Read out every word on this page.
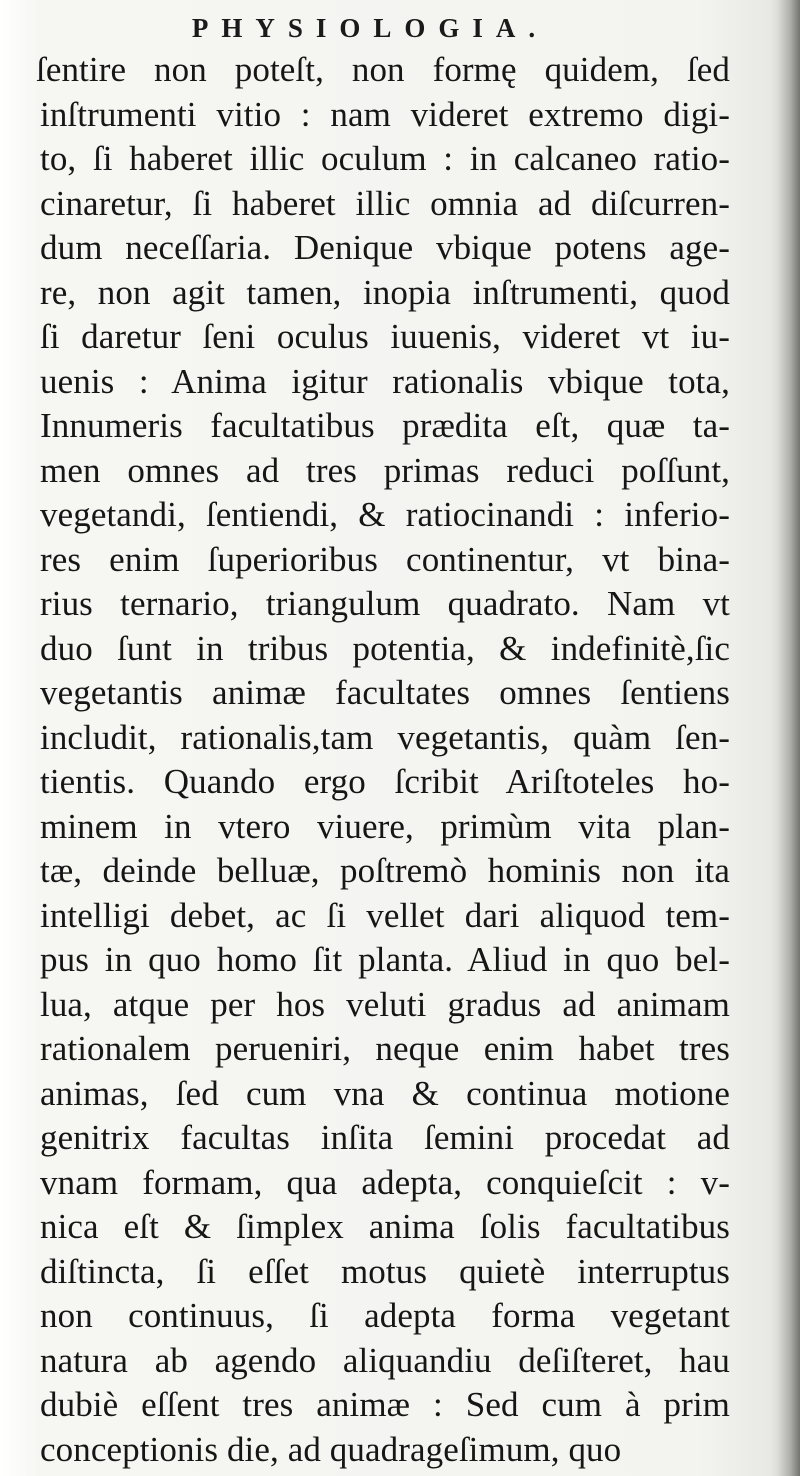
PHYSIOLOGIA.
ſentire non poteſt, non formę quidem, ſed
inſtrumenti vitio : nam videret extremo digi-
to, ſi haberet illic oculum : in calcaneo ratio-
cinaretur, ſi haberet illic omnia ad diſcurren-
dum neceſſaria. Denique vbique potens age-
re, non agit tamen, inopia inſtrumenti, quod
ſi daretur ſeni oculus iuuenis, videret vt iu-
uenis : Anima igitur rationalis vbique tota,
Innumeris facultatibus prædita eſt, quæ ta-
men omnes ad tres primas reduci poſſunt,
vegetandi, ſentiendi, & ratiocinandi : inferio-
res enim ſuperioribus continentur, vt bina-
rius ternario, triangulum quadrato. Nam vt
duo ſunt in tribus potentia, & indefinitè,ſic
vegetantis animæ facultates omnes ſentiens
includit, rationalis,tam vegetantis, quàm ſen-
tientis. Quando ergo ſcribit Ariſtoteles ho-
minem in vtero viuere, primùm vita plan-
tæ, deinde belluæ, poſtremò hominis non ita
intelligi debet, ac ſi vellet dari aliquod tem-
pus in quo homo ſit planta. Aliud in quo bel-
lua, atque per hos veluti gradus ad animam
rationalem perueniri, neque enim habet tres
animas, ſed cum vna & continua motione
genitrix facultas inſita ſemini procedat ad
vnam formam, qua adepta, conquieſcit : v-
nica eſt & ſimplex anima ſolis facultatibus
diſtincta, ſi eſſet motus quietè interruptus
non continuus, ſi adepta forma vegetant
natura ab agendo aliquandiu deſiſteret, hau
dubiè eſſent tres animæ : Sed cum à prim
conceptionis die, ad quadrageſimum, quo
